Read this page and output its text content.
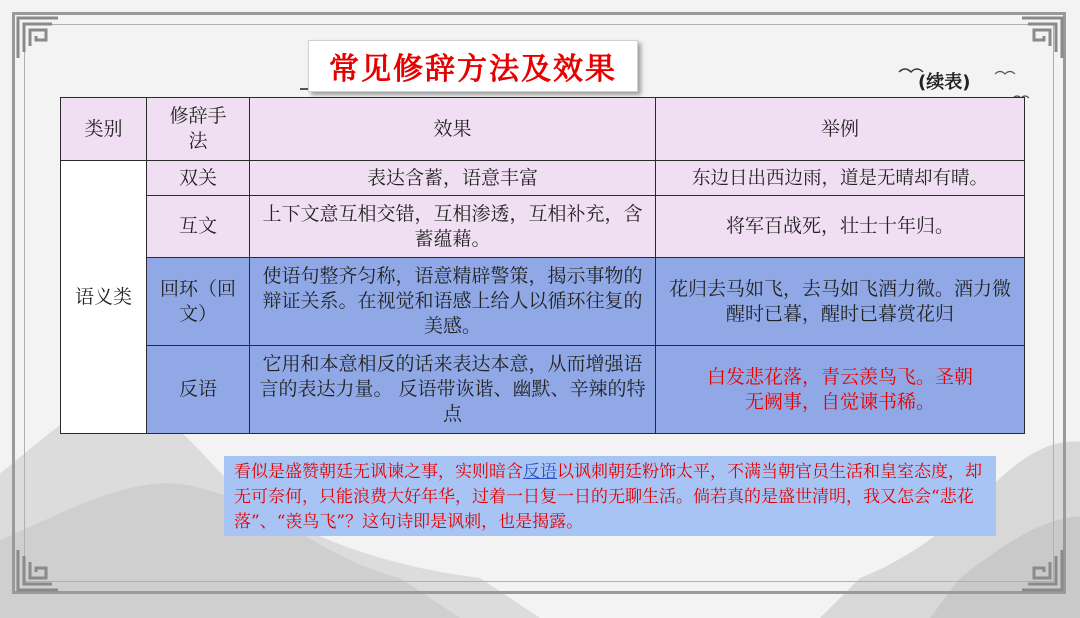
常见修辞方法及效果	(续表)
类别	修辞手法	效果	举例
语义类	双关	表达含蓄，语意丰富	东边日出西边雨，道是无晴却有晴。
	互文	上下文意互相交错，互相渗透，互相补充，含蓄蕴藉。	将军百战死，壮士十年归。

	回环（回文）	使语句整齐匀称，语意精辟警策，揭示事物的辩证关系。在视觉和语感上给人以循环往复的美感。	花归去马如飞，去马如飞酒力微。酒力微醒时已暮，醒时已暮赏花归

	反语	它用和本意相反的话来表达本意，从而增强语言的表达力量。 反语带诙谐、幽默、辛辣的特点	白发悲花落，青云羡鸟飞。圣朝无阙事，自觉谏书稀。
看似是盛赞朝廷无讽谏之事，实则暗含反语以讽刺朝廷粉饰太平，不满当朝官员生活和皇室态度，却无可奈何，只能浪费大好年华，过着一日复一日的无聊生活。倘若真的是盛世清明，我又怎会“悲花落”、“羡鸟飞”？这句诗即是讽刺，也是揭露。
